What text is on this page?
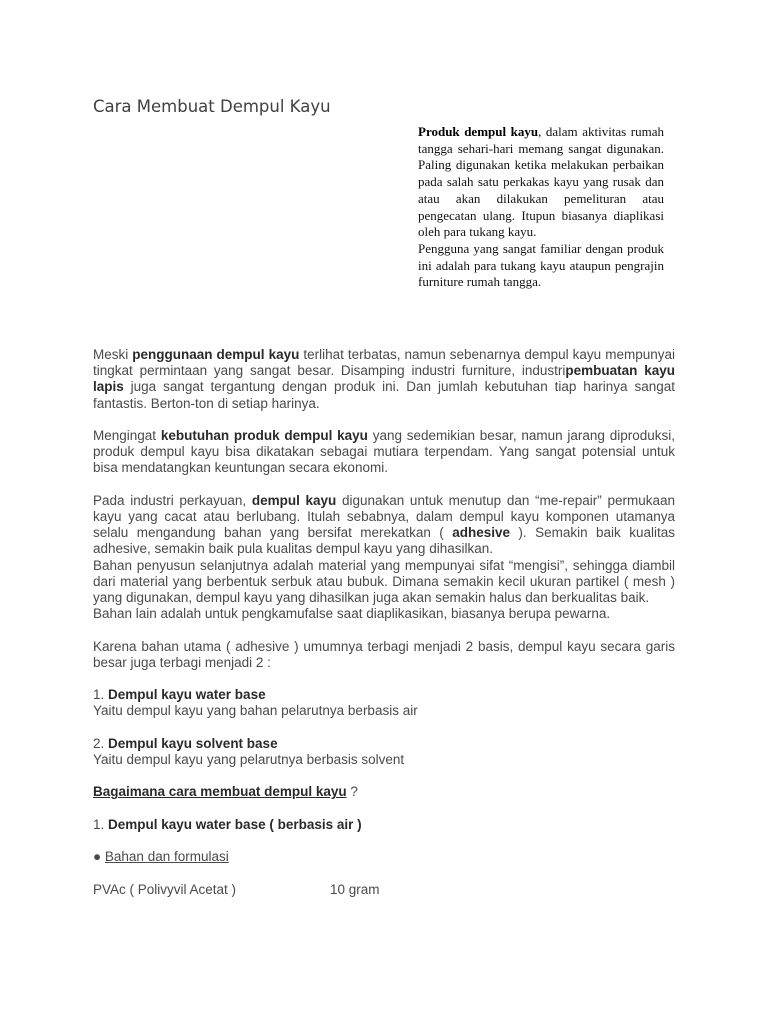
Cara Membuat Dempul Kayu

Produk dempul kayu, dalam aktivitas rumah tangga sehari-hari memang sangat digunakan. Paling digunakan ketika melakukan perbaikan pada salah satu perkakas kayu yang rusak dan atau akan dilakukan pemelituran atau pengecatan ulang. Itupun biasanya diaplikasi oleh para tukang kayu.

Pengguna yang sangat familiar dengan produk ini adalah para tukang kayu ataupun pengrajin furniture rumah tangga.

Meski penggunaan dempul kayu terlihat terbatas, namun sebenarnya dempul kayu mempunyai tingkat permintaan yang sangat besar. Disamping industri furniture, industripembuatan kayu lapis juga sangat tergantung dengan produk ini. Dan jumlah kebutuhan tiap harinya sangat fantastis. Berton-ton di setiap harinya.

Mengingat kebutuhan produk dempul kayu yang sedemikian besar, namun jarang diproduksi, produk dempul kayu bisa dikatakan sebagai mutiara terpendam. Yang sangat potensial untuk bisa mendatangkan keuntungan secara ekonomi.

Pada industri perkayuan, dempul kayu digunakan untuk menutup dan “me-repair” permukaan kayu yang cacat atau berlubang. Itulah sebabnya, dalam dempul kayu komponen utamanya selalu mengandung bahan yang bersifat merekatkan ( adhesive ). Semakin baik kualitas adhesive, semakin baik pula kualitas dempul kayu yang dihasilkan.

Bahan penyusun selanjutnya adalah material yang mempunyai sifat “mengisi”, sehingga diambil dari material yang berbentuk serbuk atau bubuk. Dimana semakin kecil ukuran partikel ( mesh ) yang digunakan, dempul kayu yang dihasilkan juga akan semakin halus dan berkualitas baik.

Bahan lain adalah untuk pengkamufalse saat diaplikasikan, biasanya berupa pewarna.

Karena bahan utama ( adhesive ) umumnya terbagi menjadi 2 basis, dempul kayu secara garis besar juga terbagi menjadi 2 :

1. Dempul kayu water base

Yaitu dempul kayu yang bahan pelarutnya berbasis air

2. Dempul kayu solvent base

Yaitu dempul kayu yang pelarutnya berbasis solvent

Bagaimana cara membuat dempul kayu ?

1. Dempul kayu water base ( berbasis air )

● Bahan dan formulasi

PVAc ( Polivyvil Acetat )	10 gram
